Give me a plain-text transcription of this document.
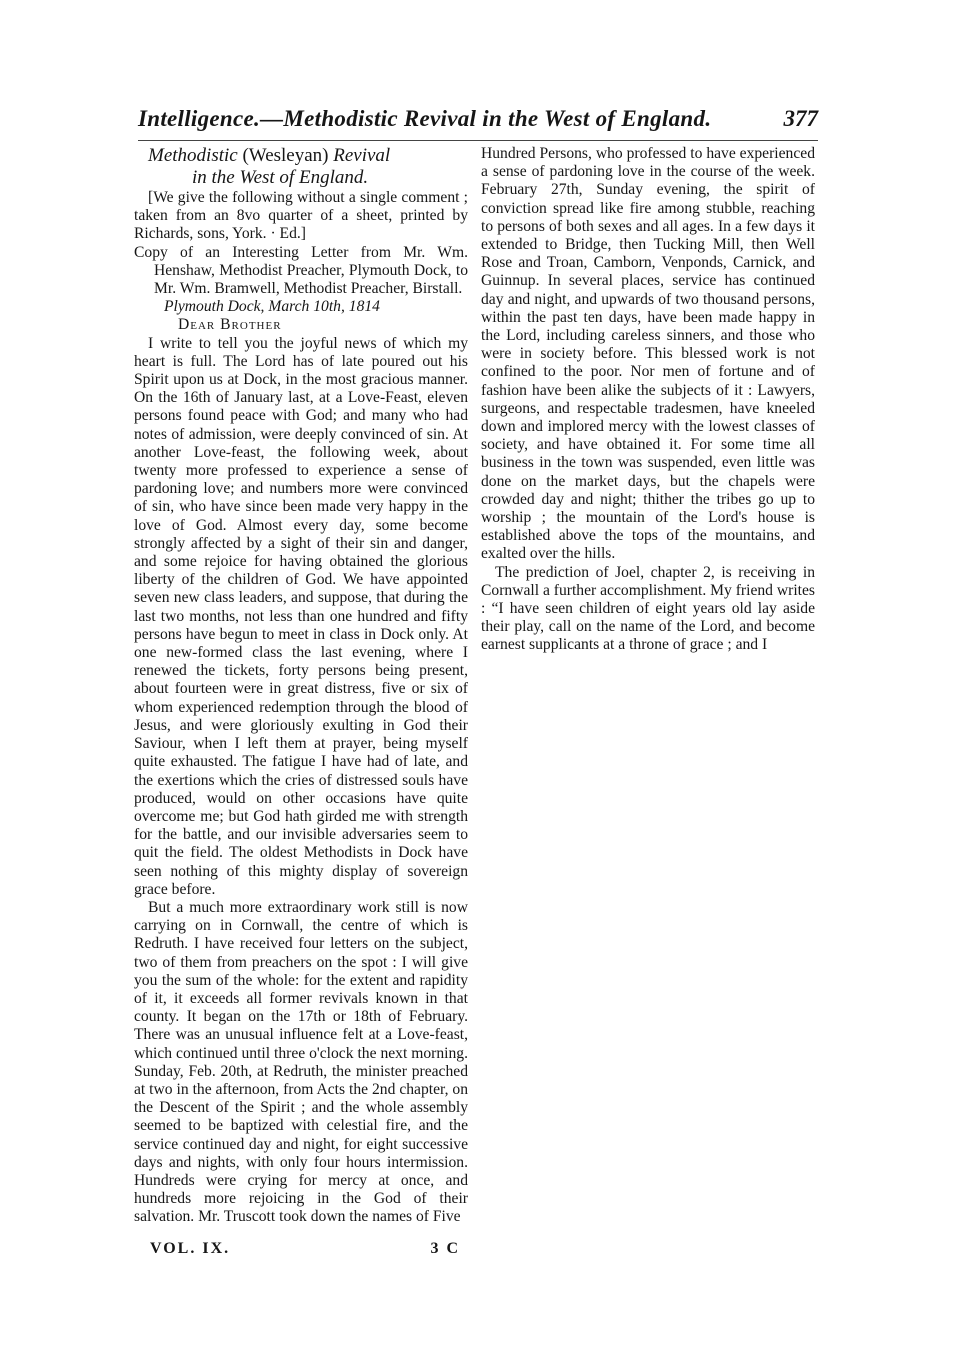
Intelligence.—Methodistic Revival in the West of England.	377

Methodistic (Wesleyan) Revival
in the West of England.

[We give the following without a single comment ; taken from an 8vo quarter of a sheet, printed by Richards, sons, York. · Ed.]

Copy of an Interesting Letter from Mr. Wm. Henshaw, Methodist Preacher, Plymouth Dock, to Mr. Wm. Bramwell, Methodist Preacher, Birstall.

Plymouth Dock, March 10th, 1814

Dear Brother

I write to tell you the joyful news of which my heart is full. The Lord has of late poured out his Spirit upon us at Dock, in the most gracious manner. On the 16th of January last, at a Love-Feast, eleven persons found peace with God; and many who had notes of admission, were deeply convinced of sin. At another Love-feast, the following week, about twenty more professed to experience a sense of pardoning love; and numbers more were convinced of sin, who have since been made very happy in the love of God. Almost every day, some become strongly affected by a sight of their sin and danger, and some rejoice for having obtained the glorious liberty of the children of God. We have appointed seven new class leaders, and suppose, that during the last two months, not less than one hundred and fifty persons have begun to meet in class in Dock only. At one new-formed class the last evening, where I renewed the tickets, forty persons being present, about fourteen were in great distress, five or six of whom experienced redemption through the blood of Jesus, and were gloriously exulting in God their Saviour, when I left them at prayer, being myself quite exhausted. The fatigue I have had of late, and the exertions which the cries of distressed souls have produced, would on other occasions have quite overcome me; but God hath girded me with strength for the battle, and our invisible adversaries seem to quit the field. The oldest Methodists in Dock have seen nothing of this mighty display of sovereign grace before.

But a much more extraordinary work still is now carrying on in Cornwall, the centre of which is Redruth. I have received four letters on the subject, two of them from preachers on the spot : I will give you the sum of the whole: for the extent and rapidity of it, it exceeds all former revivals known in that county. It began on the 17th or 18th of February. There was an unusual influence felt at a Love-feast, which continued until three o'clock the next morning. Sunday, Feb. 20th, at Redruth, the minister preached at two in the afternoon, from Acts the 2nd chapter, on the Descent of the Spirit ; and the whole assembly seemed to be baptized with celestial fire, and the service continued day and night, for eight successive days and nights, with only four hours intermission. Hundreds were crying for mercy at once, and hundreds more rejoicing in the God of their salvation. Mr. Truscott took down the names of Five

Hundred Persons, who professed to have experienced a sense of pardoning love in the course of the week. February 27th, Sunday evening, the spirit of conviction spread like fire among stubble, reaching to persons of both sexes and all ages. In a few days it extended to Bridge, then Tucking Mill, then Well Rose and Troan, Camborn, Venponds, Carnick, and Guinnup. In several places, service has continued day and night, and upwards of two thousand persons, within the past ten days, have been made happy in the Lord, including careless sinners, and those who were in society before. This blessed work is not confined to the poor. Nor men of fortune and of fashion have been alike the subjects of it : Lawyers, surgeons, and respectable tradesmen, have kneeled down and implored mercy with the lowest classes of society, and have obtained it. For some time all business in the town was suspended, even little was done on the market days, but the chapels were crowded day and night; thither the tribes go up to worship ; the mountain of the Lord's house is established above the tops of the mountains, and exalted over the hills.

The prediction of Joel, chapter 2, is receiving in Cornwall a further accomplishment. My friend writes : “I have seen children of eight years old lay aside their play, call on the name of the Lord, and become earnest supplicants at a throne of grace ; and I

VOL. IX.	3 C
